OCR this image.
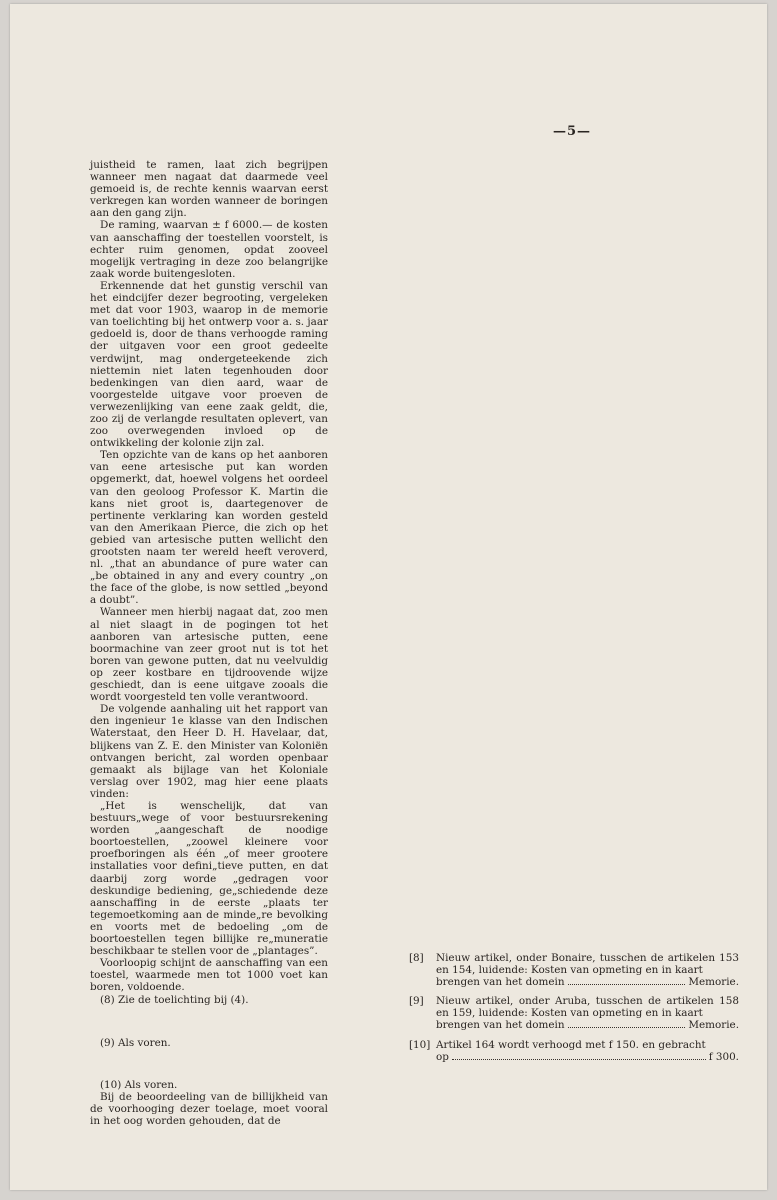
—5—

juistheid te ramen, laat zich begrijpen wanneer men nagaat dat daarmede veel gemoeid is, de rechte kennis waarvan eerst verkregen kan worden wanneer de boringen aan den gang zijn.

De raming, waarvan ± f 6000.— de kosten van aanschaffing der toestellen voorstelt, is echter ruim genomen, opdat zooveel mogelijk vertraging in deze zoo belangrijke zaak worde buitengesloten.

Erkennende dat het gunstig verschil van het eindcijfer dezer begrooting, vergeleken met dat voor 1903, waarop in de memorie van toelichting bij het ontwerp voor a. s. jaar gedoeld is, door de thans verhoogde raming der uitgaven voor een groot gedeelte verdwijnt, mag ondergeteekende zich niettemin niet laten tegenhouden door bedenkingen van dien aard, waar de voorgestelde uitgave voor proeven de verwezenlijking van eene zaak geldt, die, zoo zij de verlangde resultaten oplevert, van zoo overwegenden invloed op de ontwikkeling der kolonie zijn zal.

Ten opzichte van de kans op het aanboren van eene artesische put kan worden opgemerkt, dat, hoewel volgens het oordeel van den geoloog Professor K. Martin die kans niet groot is, daartegenover de pertinente verklaring kan worden gesteld van den Amerikaan Pierce, die zich op het gebied van artesische putten wellicht den grootsten naam ter wereld heeft veroverd, nl. „that an abundance of pure water can „be obtained in any and every country „on the face of the globe, is now settled „beyond a doubt”.

Wanneer men hierbij nagaat dat, zoo men al niet slaagt in de pogingen tot het aanboren van artesische putten, eene boormachine van zeer groot nut is tot het boren van gewone putten, dat nu veelvuldig op zeer kostbare en tijdroovende wijze geschiedt, dan is eene uitgave zooals die wordt voorgesteld ten volle verantwoord.

De volgende aanhaling uit het rapport van den ingenieur 1e klasse van den Indischen Waterstaat, den Heer D. H. Havelaar, dat, blijkens van Z. E. den Minister van Koloniën ontvangen bericht, zal worden openbaar gemaakt als bijlage van het Koloniale verslag over 1902, mag hier eene plaats vinden:

„Het is wenschelijk, dat van bestuurs„wege of voor bestuursrekening worden „aangeschaft de noodige boortoestellen, „zoowel kleinere voor proefboringen als één „of meer grootere installaties voor defini„tieve putten, en dat daarbij zorg worde „gedragen voor deskundige bediening, ge„schiedende deze aanschaffing in de eerste „plaats ter tegemoetkoming aan de minde„re bevolking en voorts met de bedoeling „om de boortoestellen tegen billijke re„muneratie beschikbaar te stellen voor de „plantages”.

Voorloopig schijnt de aanschaffing van een toestel, waarmede men tot 1000 voet kan boren, voldoende.

(8) Zie de toelichting bij (4).

(9) Als voren.

(10) Als voren.

Bij de beoordeeling van de billijkheid van de voorhooging dezer toelage, moet vooral in het oog worden gehouden, dat de

[8]	Nieuw artikel, onder Bonaire, tusschen de artikelen 153 en 154, luidende: Kosten van opmeting en in kaart
brengen van het domein	Memorie.
[9]	Nieuw artikel, onder Aruba, tusschen de artikelen 158 en 159, luidende: Kosten van opmeting en in kaart
brengen van het domein	Memorie.
[10] Artikel 164 wordt verhoogd met f 150. en gebracht
op	f 300.
